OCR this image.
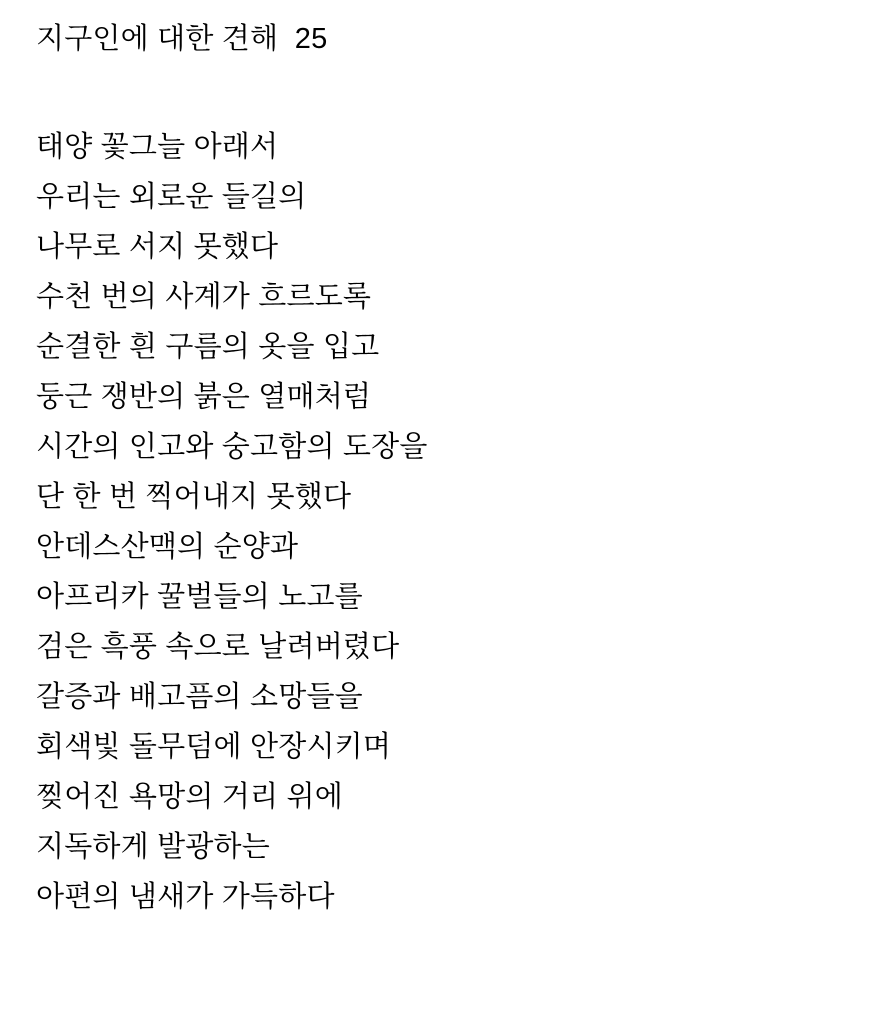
지구인에 대한 견해  25
태양 꽃그늘 아래서
우리는 외로운 들길의
나무로 서지 못했다
수천 번의 사계가 흐르도록
순결한 흰 구름의 옷을 입고
둥근 쟁반의 붉은 열매처럼
시간의 인고와 숭고함의 도장을
단 한 번 찍어내지 못했다
안데스산맥의 순양과
아프리카 꿀벌들의 노고를
검은 흑풍 속으로 날려버렸다
갈증과 배고픔의 소망들을
회색빛 돌무덤에 안장시키며
찢어진 욕망의 거리 위에
지독하게 발광하는
아편의 냄새가 가득하다
